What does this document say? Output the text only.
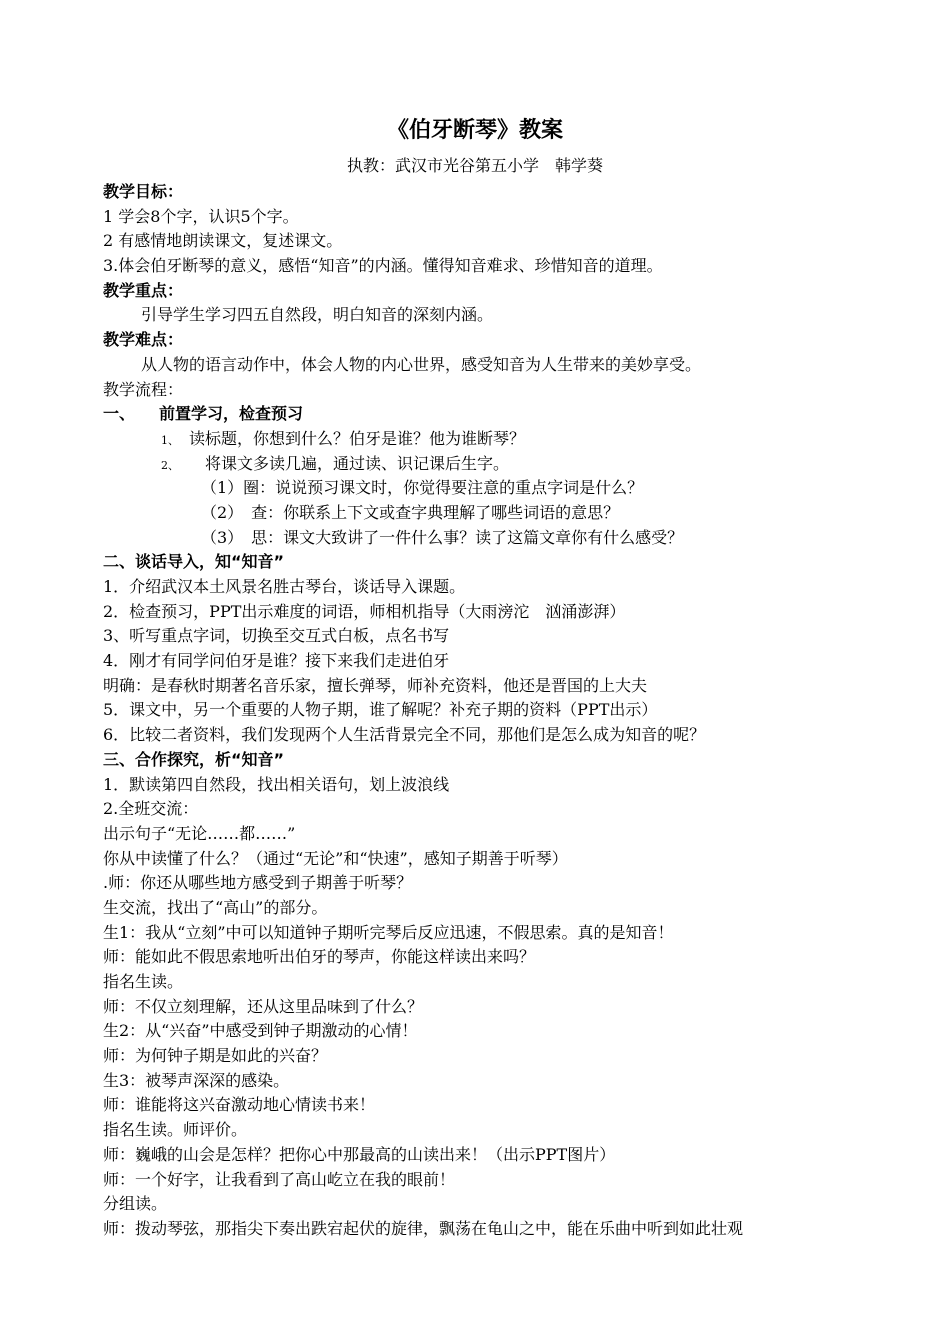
《伯牙断琴》教案
执教：武汉市光谷第五小学　韩学葵
教学目标：
1 学会8个字，认识5个字。
2 有感情地朗读课文，复述课文。
3.体会伯牙断琴的意义，感悟“知音”的内涵。懂得知音难求、珍惜知音的道理。
教学重点：
引导学生学习四五自然段，明白知音的深刻内涵。
教学难点：
从人物的语言动作中，体会人物的内心世界，感受知音为人生带来的美妙享受。
教学流程：
一、　　前置学习，检查预习
1、 读标题，你想到什么？伯牙是谁？他为谁断琴？
2、　将课文多读几遍，通过读、识记课后生字。
（1）圈：说说预习课文时，你觉得要注意的重点字词是什么？
（2）　查：你联系上下文或查字典理解了哪些词语的意思？
（3）　思：课文大致讲了一件什么事？读了这篇文章你有什么感受？
二、谈话导入，知“知音”
1．介绍武汉本土风景名胜古琴台，谈话导入课题。
2．检查预习，PPT出示难度的词语，师相机指导（大雨滂沱　汹涌澎湃）
3、听写重点字词，切换至交互式白板，点名书写
4．刚才有同学问伯牙是谁？接下来我们走进伯牙
明确：是春秋时期著名音乐家，擅长弹琴，师补充资料，他还是晋国的上大夫
5．课文中，另一个重要的人物子期，谁了解呢？补充子期的资料（PPT出示）
6．比较二者资料，我们发现两个人生活背景完全不同，那他们是怎么成为知音的呢？
三、合作探究，析“知音”
1．默读第四自然段，找出相关语句，划上波浪线
2.全班交流：
出示句子“无论……都……”
你从中读懂了什么？（通过“无论”和“快速”，感知子期善于听琴）
.师：你还从哪些地方感受到子期善于听琴？
生交流，找出了“高山”的部分。
生1：我从“立刻”中可以知道钟子期听完琴后反应迅速，不假思索。真的是知音！
师：能如此不假思索地听出伯牙的琴声，你能这样读出来吗？
指名生读。
师：不仅立刻理解，还从这里品味到了什么？
生2：从“兴奋”中感受到钟子期激动的心情！
师：为何钟子期是如此的兴奋？
生3：被琴声深深的感染。
师：谁能将这兴奋激动地心情读书来！
指名生读。师评价。
师：巍峨的山会是怎样？把你心中那最高的山读出来！（出示PPT图片）
师：一个好字，让我看到了高山屹立在我的眼前！
分组读。
师：拨动琴弦，那指尖下奏出跌宕起伏的旋律，飘荡在龟山之中，能在乐曲中听到如此壮观
